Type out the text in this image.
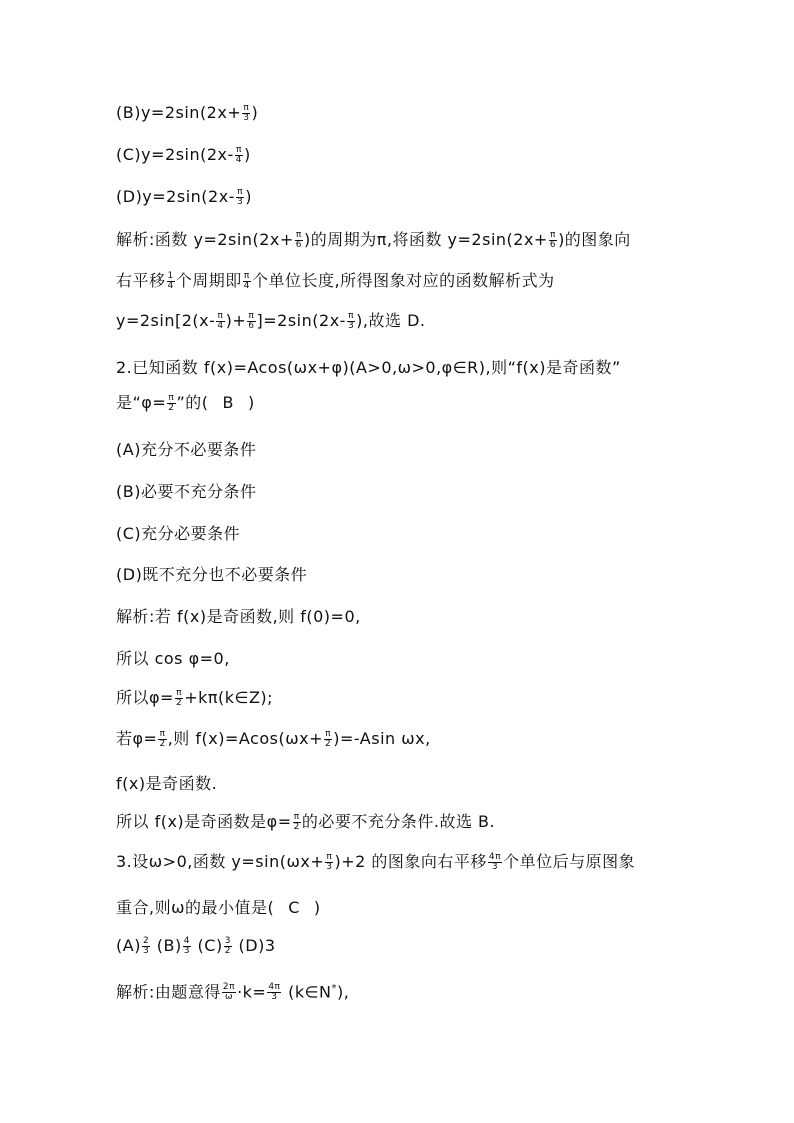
$(B)y=2\sin(2x+ \frac{\pi}{3}$ )
$(C)y=2\sin(2x- \frac{\pi}{4}$ )
$(D)y=2\sin(2x- \frac{\pi}{3}$ )
解析:函数 $y=2\sin(2x+ \frac{\pi}{6}$ )的周期为π,将函数 $y=2\sin(2x+ \frac{\pi}{6}$ )的图象向
右平移 $\frac{1}{4}$ 个周期即 $\frac{\pi}{4}$ 个单位长度,所得图象对应的函数解析式为
$y=2\sin[2(x- \frac{\pi}{4}$ )+ $\frac{\pi}{6} ]=2\sin(2x- \frac{\pi}{3}$ ),故选 D.
2.已知函数 f(x)=Acos(ωx+φ)(A>0,ω>0,φ∈R),则“f(x)是奇函数”
是“$\varphi= \frac{\pi}{2}$ ”的( B )
(A)充分不必要条件
(B)必要不充分条件
(C)充分必要条件
(D)既不充分也不必要条件
解析:若 f(x)是奇函数,则 f(0)=0,
所以 cos φ=0,
所以$\varphi= \frac{\pi}{2}$ +kπ(k∈Z);
若$\varphi= \frac{\pi}{2}$ ,则 $f(x)=Acos(\omega x+ \frac{\pi}{2} )=-Asin$ ωx,
f(x)是奇函数.
所以 f(x)是奇函数是$\varphi= \frac{\pi}{2}$ 的必要不充分条件.故选 B.
3.设ω>0,函数 $y=\sin(\omega x+ \frac{\pi}{3} )+2$ 的图象向右平移 $\frac{4\pi}{3}$ 个单位后与原图象
重合,则ω的最小值是( C )
$(A) \frac{2}{3} (B) \frac{4}{3} (C) \frac{3}{2} (D)3$
解析:由题意得 $\frac{2\pi}{\omega} \cdot k= \frac{4\pi}{3}$ (k∈N*),
